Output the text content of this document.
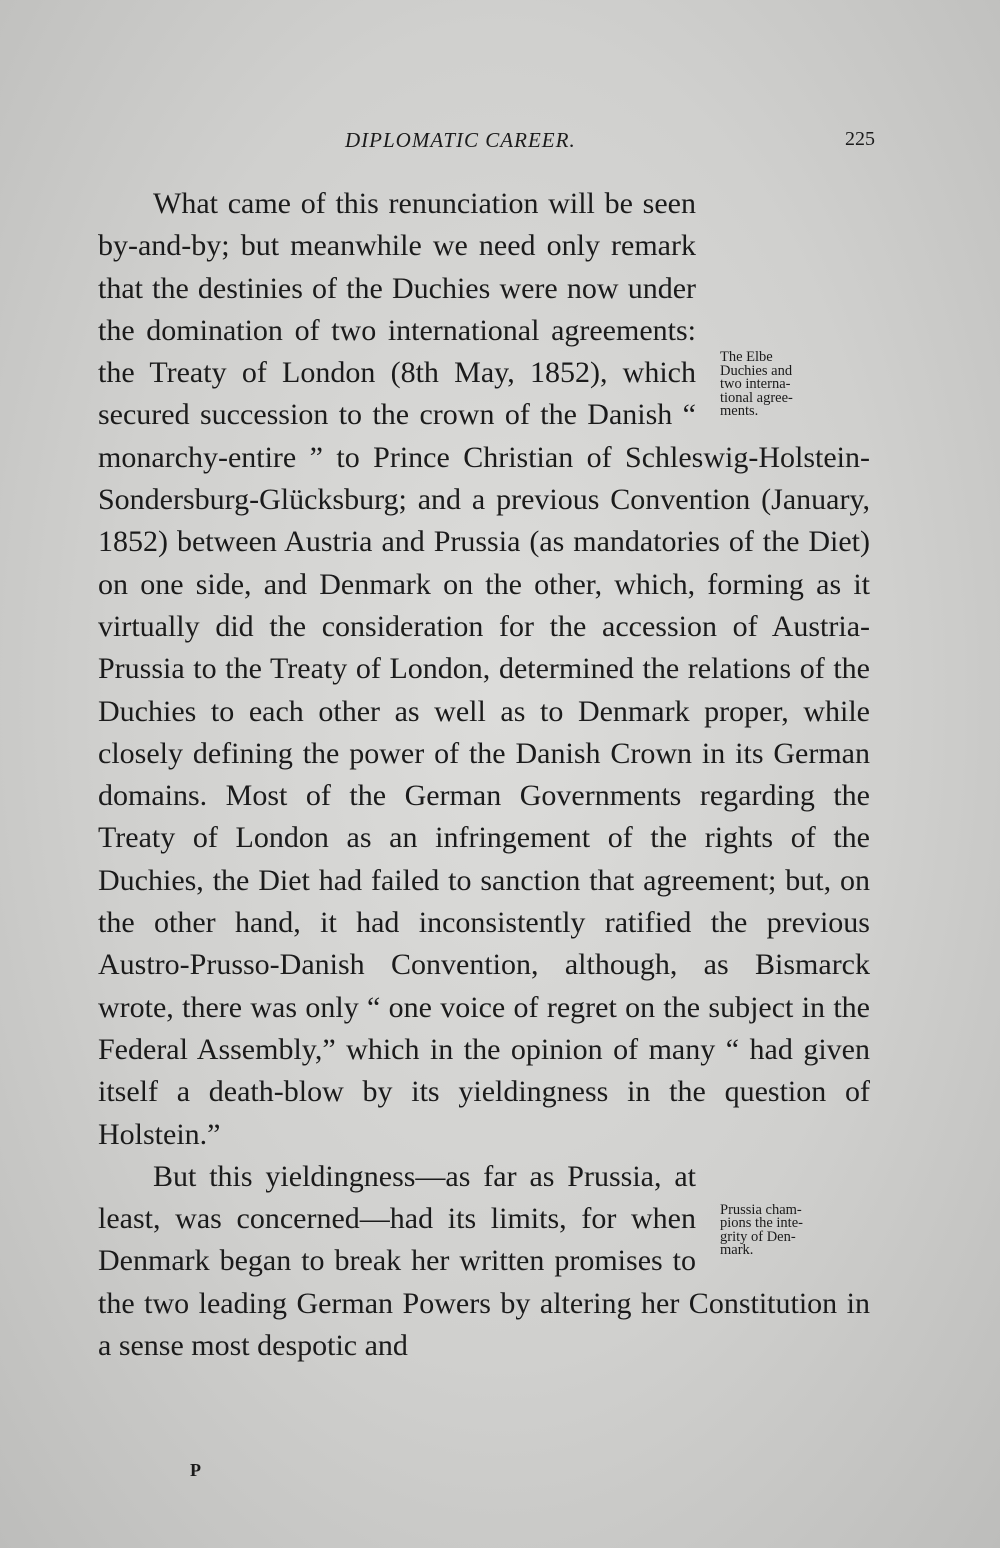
DIPLOMATIC CAREER.	225

The Elbe
Duchies and
two interna-
tional agree-
ments.
What came of this renunciation will be seen by-and-by; but meanwhile we need only remark that the destinies of the Duchies were now under the domination of two international agreements: the Treaty of London (8th May, 1852), which secured succession to the crown of the Danish “ monarchy-entire ” to Prince Christian of Schleswig-Holstein-Sondersburg-Glücksburg; and a previous Convention (January, 1852) between Austria and Prussia (as mandatories of the Diet) on one side, and Denmark on the other, which, forming as it virtually did the consideration for the accession of Austria-Prussia to the Treaty of London, determined the relations of the Duchies to each other as well as to Denmark proper, while closely defining the power of the Danish Crown in its German domains. Most of the German Governments regarding the Treaty of London as an infringement of the rights of the Duchies, the Diet had failed to sanction that agreement; but, on the other hand, it had inconsistently ratified the previous Austro-Prusso-Danish Convention, although, as Bismarck wrote, there was only “ one voice of regret on the subject in the Federal Assembly,” which in the opinion of many “ had given itself a death-blow by its yieldingness in the question of Holstein.”

Prussia cham-
pions the inte-
grity of Den-
mark.
But this yieldingness—as far as Prussia, at least, was concerned—had its limits, for when Denmark began to break her written promises to the two leading German Powers by altering her Constitution in a sense most despotic and

P
